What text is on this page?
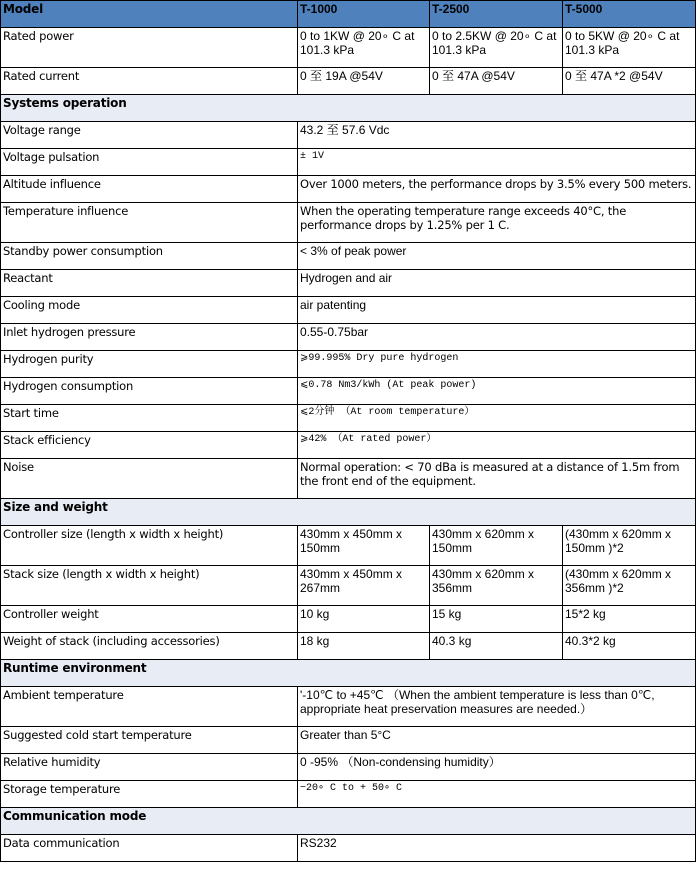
Model	T-1000	T-2500	T-5000
Rated power	0 to 1KW @ 20∘ C at 101.3 kPa	0 to 2.5KW @ 20∘ C at 101.3 kPa	0 to 5KW @ 20∘ C at 101.3 kPa
Rated current	0 至 19A @54V	0 至 47A @54V	0 至 47A *2 @54V
Systems operation			
Voltage range	43.2 至 57.6 Vdc		
Voltage pulsation	± 1V		
Altitude influence	Over 1000 meters, the performance drops by 3.5% every 500 meters.		
Temperature influence	When the operating temperature range exceeds 40°C, the performance drops by 1.25% per 1 C.		
Standby power consumption	< 3% of peak power		
Reactant	Hydrogen and air		
Cooling mode	air patenting		
Inlet hydrogen pressure	0.55-0.75bar		
Hydrogen purity	⩾99.995% Dry pure hydrogen		
Hydrogen consumption	⩽0.78 Nm3/kWh (At peak power)		
Start time	⩽2分钟 （At room temperature）		
Stack efficiency	⩾42% （At rated power）		
Noise	Normal operation: < 70 dBa is measured at a distance of 1.5m from the front end of the equipment.		
Size and weight			
Controller size (length x width x height)	430mm x 450mm x 150mm	430mm x 620mm x 150mm	(430mm x 620mm x 150mm )*2
Stack size (length x width x height)	430mm x 450mm x 267mm	430mm x 620mm x 356mm	(430mm x 620mm x 356mm )*2
Controller weight	10 kg	15 kg	15*2 kg
Weight of stack (including accessories)	18 kg	40.3 kg	40.3*2 kg
Runtime environment			
Ambient temperature	'-10℃ to +45℃ （When the ambient temperature is less than 0℃, appropriate heat preservation measures are needed.）		
Suggested cold start temperature	Greater than 5°C		
Relative humidity	0 -95% （Non-condensing humidity）		
Storage temperature	−20∘ C to + 50∘ C		
Communication mode			
Data communication	RS232		
